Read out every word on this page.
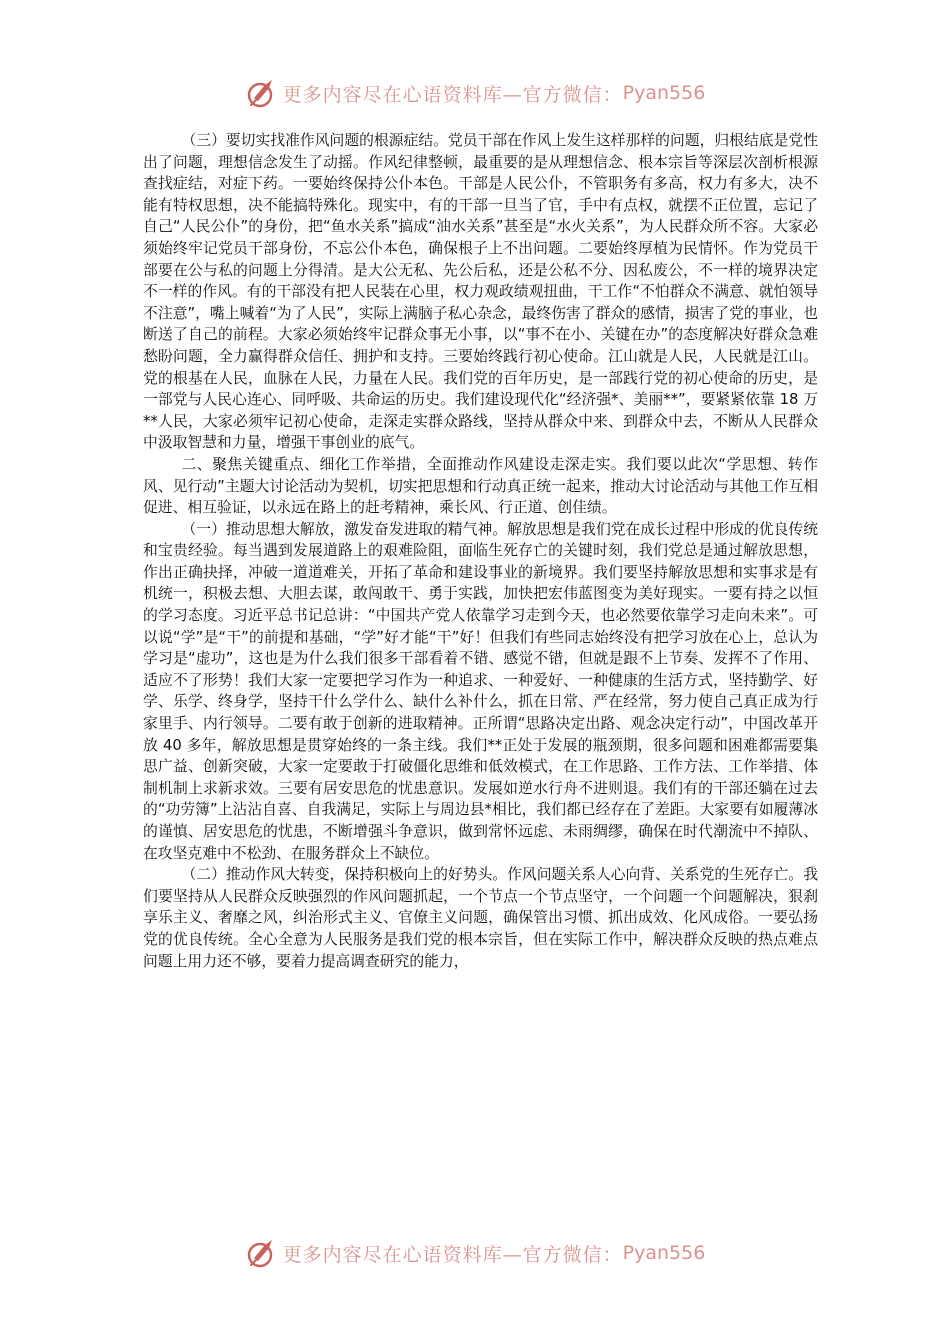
更多内容尽在心语资料库—官方微信： Pyan556

（三）要切实找准作风问题的根源症结。党员干部在作风上发生这样那样的问题，归根结底是党性出了问题，理想信念发生了动摇。作风纪律整顿，最重要的是从理想信念、根本宗旨等深层次剖析根源查找症结，对症下药。一要始终保持公仆本色。干部是人民公仆，不管职务有多高，权力有多大，决不能有特权思想，决不能搞特殊化。现实中，有的干部一旦当了官，手中有点权，就摆不正位置，忘记了自己“人民公仆”的身份，把“鱼水关系”搞成“油水关系”甚至是“水火关系”，为人民群众所不容。大家必须始终牢记党员干部身份，不忘公仆本色，确保根子上不出问题。二要始终厚植为民情怀。作为党员干部要在公与私的问题上分得清。是大公无私、先公后私，还是公私不分、因私废公，不一样的境界决定不一样的作风。有的干部没有把人民装在心里，权力观政绩观扭曲，干工作“不怕群众不满意、就怕领导不注意”，嘴上喊着“为了人民”，实际上满脑子私心杂念，最终伤害了群众的感情，损害了党的事业，也断送了自己的前程。大家必须始终牢记群众事无小事，以“事不在小、关键在办”的态度解决好群众急难愁盼问题，全力赢得群众信任、拥护和支持。三要始终践行初心使命。江山就是人民，人民就是江山。党的根基在人民，血脉在人民，力量在人民。我们党的百年历史，是一部践行党的初心使命的历史，是一部党与人民心连心、同呼吸、共命运的历史。我们建设现代化“经济强*、美丽**”，要紧紧依靠 18 万**人民，大家必须牢记初心使命，走深走实群众路线，坚持从群众中来、到群众中去，不断从人民群众中汲取智慧和力量，增强干事创业的底气。

二、聚焦关键重点、细化工作举措，全面推动作风建设走深走实。我们要以此次“学思想、转作风、见行动”主题大讨论活动为契机，切实把思想和行动真正统一起来，推动大讨论活动与其他工作互相促进、相互验证，以永远在路上的赶考精神，乘长风、行正道、创佳绩。

（一）推动思想大解放，激发奋发进取的精气神。解放思想是我们党在成长过程中形成的优良传统和宝贵经验。每当遇到发展道路上的艰难险阻，面临生死存亡的关键时刻，我们党总是通过解放思想，作出正确抉择，冲破一道道难关，开拓了革命和建设事业的新境界。我们要坚持解放思想和实事求是有机统一，积极去想、大胆去谋，敢闯敢干、勇于实践，加快把宏伟蓝图变为美好现实。一要有持之以恒的学习态度。习近平总书记总讲：“中国共产党人依靠学习走到今天，也必然要依靠学习走向未来”。可以说“学”是“干”的前提和基础，“学”好才能“干”好！但我们有些同志始终没有把学习放在心上，总认为学习是“虚功”，这也是为什么我们很多干部看着不错、感觉不错，但就是跟不上节奏、发挥不了作用、适应不了形势！我们大家一定要把学习作为一种追求、一种爱好、一种健康的生活方式，坚持勤学、好学、乐学、终身学，坚持干什么学什么、缺什么补什么，抓在日常、严在经常，努力使自己真正成为行家里手、内行领导。二要有敢于创新的进取精神。正所谓“思路决定出路、观念决定行动”，中国改革开放 40 多年，解放思想是贯穿始终的一条主线。我们**正处于发展的瓶颈期，很多问题和困难都需要集思广益、创新突破，大家一定要敢于打破僵化思维和低效模式，在工作思路、工作方法、工作举措、体制机制上求新求效。三要有居安思危的忧患意识。发展如逆水行舟不进则退。我们有的干部还躺在过去的“功劳簿”上沾沾自喜、自我满足，实际上与周边县*相比，我们都已经存在了差距。大家要有如履薄冰的谨慎、居安思危的忧患，不断增强斗争意识，做到常怀远虑、未雨绸缪，确保在时代潮流中不掉队、在攻坚克难中不松劲、在服务群众上不缺位。

（二）推动作风大转变，保持积极向上的好势头。作风问题关系人心向背、关系党的生死存亡。我们要坚持从人民群众反映强烈的作风问题抓起，一个节点一个节点坚守，一个问题一个问题解决，狠刹享乐主义、奢靡之风，纠治形式主义、官僚主义问题，确保管出习惯、抓出成效、化风成俗。一要弘扬党的优良传统。全心全意为人民服务是我们党的根本宗旨，但在实际工作中，解决群众反映的热点难点问题上用力还不够，要着力提高调查研究的能力，

更多内容尽在心语资料库—官方微信： Pyan556
